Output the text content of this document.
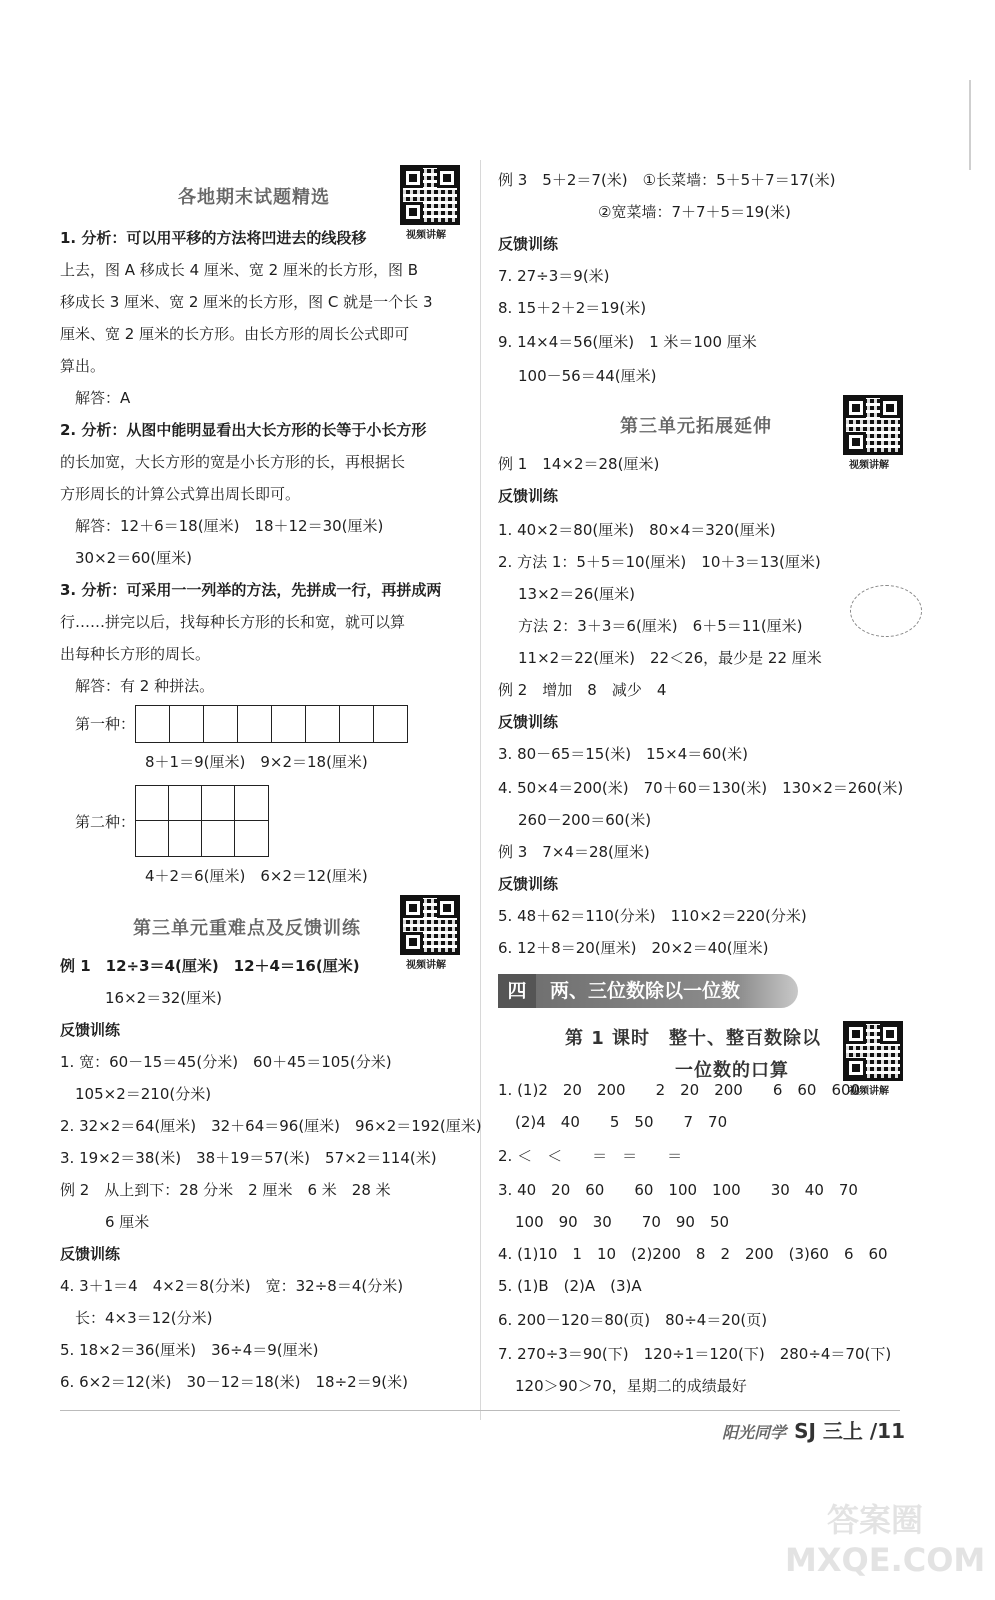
各地期末试题精选
视频讲解
1. 分析：可以用平移的方法将凹进去的线段移
上去，图 A 移成长 4 厘米、宽 2 厘米的长方形，图 B
移成长 3 厘米、宽 2 厘米的长方形，图 C 就是一个长 3
厘米、宽 2 厘米的长方形。由长方形的周长公式即可
算出。
解答：A
2. 分析：从图中能明显看出大长方形的长等于小长方形
的长加宽，大长方形的宽是小长方形的长，再根据长
方形周长的计算公式算出周长即可。
解答：12＋6＝18(厘米)　18＋12＝30(厘米)
30×2＝60(厘米)
3. 分析：可采用一一列举的方法，先拼成一行，再拼成两
行……拼完以后，找每种长方形的长和宽，就可以算
出每种长方形的周长。
解答：有 2 种拼法。
第一种：
8＋1＝9(厘米)　9×2＝18(厘米)
第二种：
4＋2＝6(厘米)　6×2＝12(厘米)
第三单元重难点及反馈训练
视频讲解
例 1　12÷3＝4(厘米)　12＋4＝16(厘米)
16×2＝32(厘米)
反馈训练
1. 宽：60－15＝45(分米)　60＋45＝105(分米)
105×2＝210(分米)
2. 32×2＝64(厘米)　32＋64＝96(厘米)　96×2＝192(厘米)
3. 19×2＝38(米)　38＋19＝57(米)　57×2＝114(米)
例 2　从上到下：28 分米　2 厘米　6 米　28 米
6 厘米
反馈训练
4. 3＋1＝4　4×2＝8(分米)　宽：32÷8＝4(分米)
长：4×3＝12(分米)
5. 18×2＝36(厘米)　36÷4＝9(厘米)
6. 6×2＝12(米)　30－12＝18(米)　18÷2＝9(米)
例 3　5＋2＝7(米)　①长菜墙：5＋5＋7＝17(米)
②宽菜墙：7＋7＋5＝19(米)
反馈训练
7. 27÷3＝9(米)
8. 15＋2＋2＝19(米)
9. 14×4＝56(厘米)　1 米＝100 厘米
100－56＝44(厘米)
第三单元拓展延伸
视频讲解
例 1　14×2＝28(厘米)
反馈训练
1. 40×2＝80(厘米)　80×4＝320(厘米)
2. 方法 1：5＋5＝10(厘米)　10＋3＝13(厘米)
13×2＝26(厘米)
方法 2：3＋3＝6(厘米)　6＋5＝11(厘米)
11×2＝22(厘米)　22＜26，最少是 22 厘米
例 2　增加　8　减少　4
反馈训练
3. 80－65＝15(米)　15×4＝60(米)
4. 50×4＝200(米)　70＋60＝130(米)　130×2＝260(米)
260－200＝60(米)
例 3　7×4＝28(厘米)
反馈训练
5. 48＋62＝110(分米)　110×2＝220(分米)
6. 12＋8＝20(厘米)　20×2＝40(厘米)
四 两、三位数除以一位数
第 1 课时　整十、整百数除以
一位数的口算
视频讲解
1. (1)2　20　200　　2　20　200　　6　60　600
(2)4　40　　5　50　　7　70
2. ＜　＜　　＝　＝　　＝
3. 40　20　60　　60　100　100　　30　40　70
100　90　30　　70　90　50
4. (1)10　1　10　(2)200　8　2　200　(3)60　6　60
5. (1)B　(2)A　(3)A
6. 200－120＝80(页)　80÷4＝20(页)
7. 270÷3＝90(下)　120÷1＝120(下)　280÷4＝70(下)
120＞90＞70，星期二的成绩最好
阳光同学 SJ 三上 /11
答案圈 MXQE.COM
